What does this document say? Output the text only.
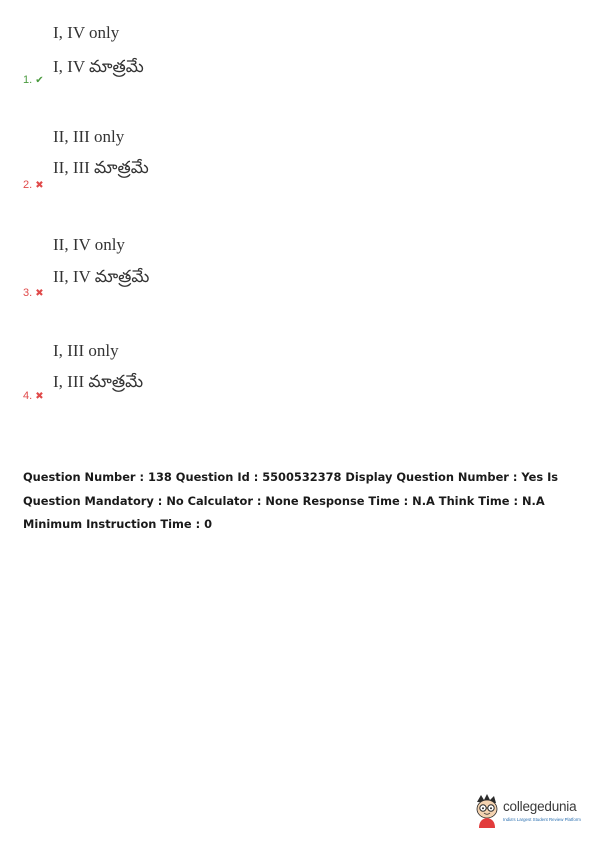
I, IV only
I, IV మాత్రమే
1. ✔
II, III only
II, III మాత్రమే
2. ✖
II, IV only
II, IV మాత్రమే
3. ✖
I, III only
I, III మాత్రమే
4. ✖
Question Number : 138 Question Id : 5500532378 Display Question Number : Yes Is Question Mandatory : No Calculator : None Response Time : N.A Think Time : N.A Minimum Instruction Time : 0
collegedunia
India's Largest Student Review Platform
